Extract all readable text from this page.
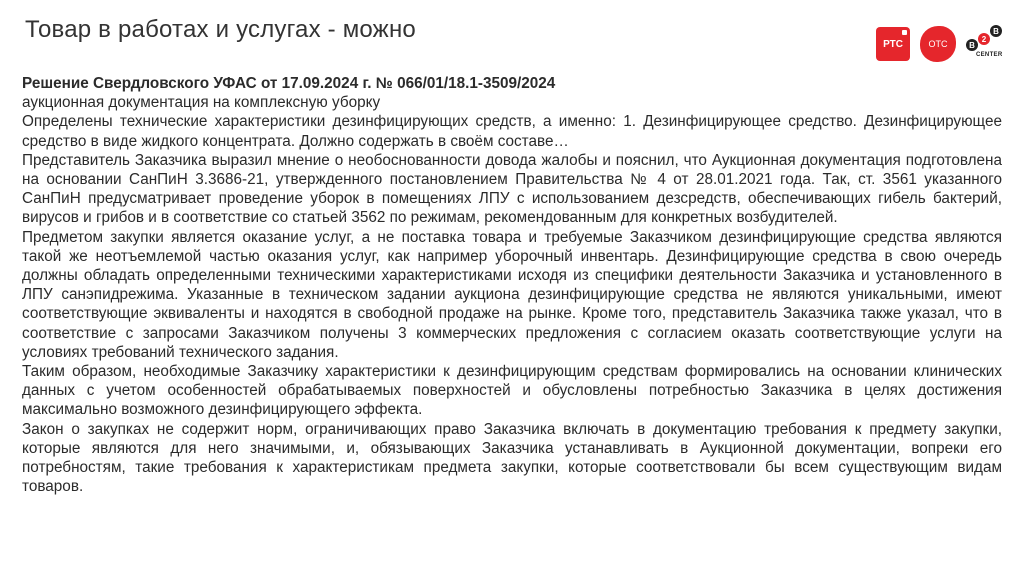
Товар в работах и услугах - можно
РТС	ОТС	B
2
B
CENTER

Решение Свердловского УФАС от 17.09.2024 г. № 066/01/18.1-3509/2024

аукционная документация на комплексную уборку

Определены технические характеристики дезинфицирующих средств, а именно: 1. Дезинфицирующее средство. Дезинфицирующее средство в виде жидкого концентрата. Должно содержать в своём составе…

Представитель Заказчика выразил мнение о необоснованности довода жалобы и пояснил, что Аукционная документация подготовлена на основании СанПиН 3.3686-21, утвержденного постановлением Правительства № 4 от 28.01.2021 года. Так, ст. 3561 указанного СанПиН предусматривает проведение уборок в помещениях ЛПУ с использованием дезсредств, обеспечивающих гибель бактерий, вирусов и грибов и в соответствие со статьей 3562 по режимам, рекомендованным для конкретных возбудителей.

Предметом закупки является оказание услуг, а не поставка товара и требуемые Заказчиком дезинфицирующие средства являются такой же неотъемлемой частью оказания услуг, как например уборочный инвентарь. Дезинфицирующие средства в свою очередь должны обладать определенными техническими характеристиками исходя из специфики деятельности Заказчика и установленного в ЛПУ санэпидрежима. Указанные в техническом задании аукциона дезинфицирующие средства не являются уникальными, имеют соответствующие эквиваленты и находятся в свободной продаже на рынке. Кроме того, представитель Заказчика также указал, что в соответствие с запросами Заказчиком получены 3 коммерческих предложения с согласием оказать соответствующие услуги на условиях требований технического задания.

Таким образом, необходимые Заказчику характеристики к дезинфицирующим средствам формировались на основании клинических данных с учетом особенностей обрабатываемых поверхностей и обусловлены потребностью Заказчика в целях достижения максимально возможного дезинфицирующего эффекта.

Закон о закупках не содержит норм, ограничивающих право Заказчика включать в документацию требования к предмету закупки, которые являются для него значимыми, и, обязывающих Заказчика устанавливать в Аукционной документации, вопреки его потребностям, такие требования к характеристикам предмета закупки, которые соответствовали бы всем существующим видам товаров.
